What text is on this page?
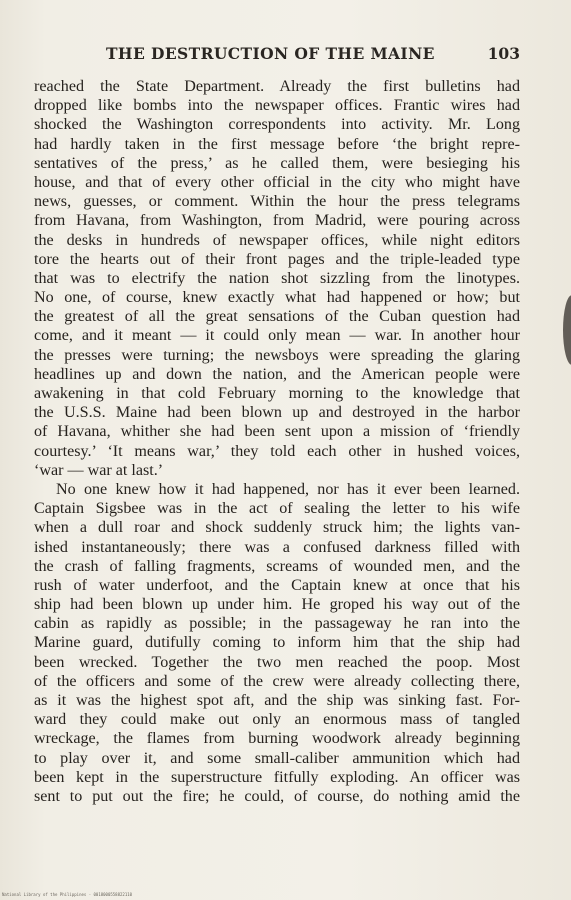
THE DESTRUCTION OF THE MAINE	103
reached the State Department. Already the first bulletins had
dropped like bombs into the newspaper offices. Frantic wires had
shocked the Washington correspondents into activity. Mr. Long
had hardly taken in the first message before ‘the bright repre-
sentatives of the press,’ as he called them, were besieging his
house, and that of every other official in the city who might have
news, guesses, or comment. Within the hour the press telegrams
from Havana, from Washington, from Madrid, were pouring across
the desks in hundreds of newspaper offices, while night editors
tore the hearts out of their front pages and the triple-leaded type
that was to electrify the nation shot sizzling from the linotypes.
No one, of course, knew exactly what had happened or how; but
the greatest of all the great sensations of the Cuban question had
come, and it meant — it could only mean — war. In another hour
the presses were turning; the newsboys were spreading the glaring
headlines up and down the nation, and the American people were
awakening in that cold February morning to the knowledge that
the U.S.S. Maine had been blown up and destroyed in the harbor
of Havana, whither she had been sent upon a mission of ‘friendly
courtesy.’ ‘It means war,’ they told each other in hushed voices,
‘war — war at last.’
No one knew how it had happened, nor has it ever been learned.
Captain Sigsbee was in the act of sealing the letter to his wife
when a dull roar and shock suddenly struck him; the lights van-
ished instantaneously; there was a confused darkness filled with
the crash of falling fragments, screams of wounded men, and the
rush of water underfoot, and the Captain knew at once that his
ship had been blown up under him. He groped his way out of the
cabin as rapidly as possible; in the passageway he ran into the
Marine guard, dutifully coming to inform him that the ship had
been wrecked. Together the two men reached the poop. Most
of the officers and some of the crew were already collecting there,
as it was the highest spot aft, and the ship was sinking fast. For-
ward they could make out only an enormous mass of tangled
wreckage, the flames from burning woodwork already beginning
to play over it, and some small-caliber ammunition which had
been kept in the superstructure fitfully exploding. An officer was
sent to put out the fire; he could, of course, do nothing amid the
National Library of the Philippines · 0018000558822110
